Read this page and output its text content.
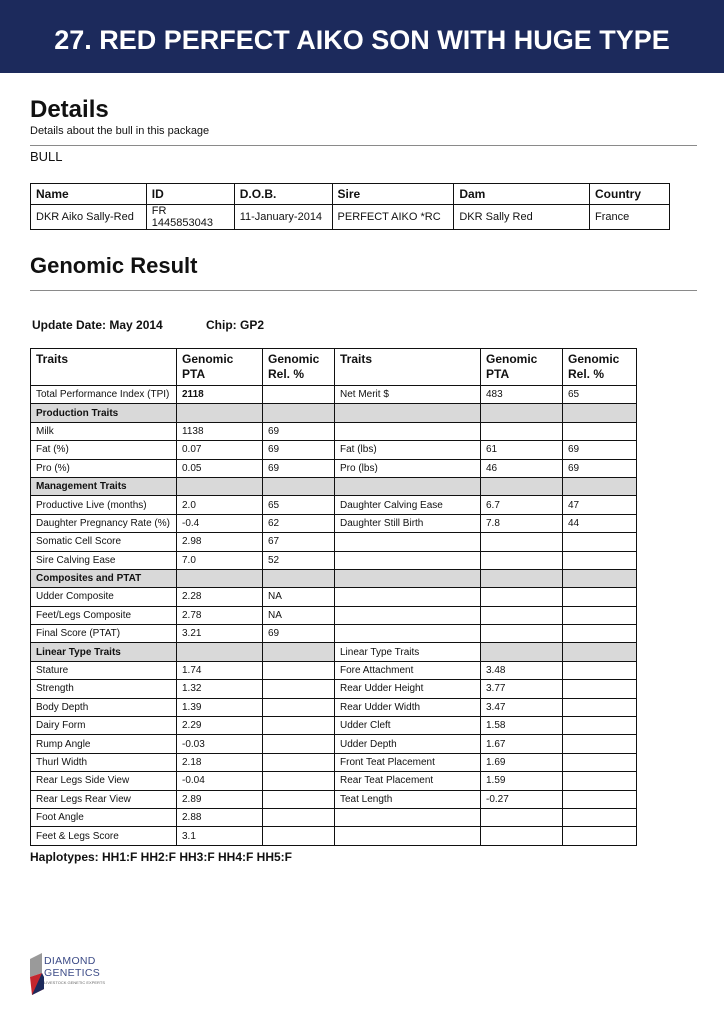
27. RED PERFECT AIKO SON WITH HUGE TYPE
Details
Details about the bull in this package
BULL
Name	ID	D.O.B.	Sire	Dam	Country
DKR Aiko Sally-Red	FR 1445853043	11-January-2014	PERFECT AIKO *RC	DKR Sally Red	France
Genomic Result
Update Date: May 2014	Chip: GP2
Traits	Genomic PTA	Genomic Rel. %	Traits	Genomic PTA	Genomic Rel. %
Total Performance Index (TPI)	2118		Net Merit $	483	65
Production Traits					
Milk	1138	69			
Fat (%)	0.07	69	Fat (lbs)	61	69
Pro (%)	0.05	69	Pro (lbs)	46	69
Management Traits					
Productive Live (months)	2.0	65	Daughter Calving Ease	6.7	47
Daughter Pregnancy Rate (%)	-0.4	62	Daughter Still Birth	7.8	44
Somatic Cell Score	2.98	67			
Sire Calving Ease	7.0	52			
Composites and PTAT					
Udder Composite	2.28	NA			
Feet/Legs Composite	2.78	NA			
Final Score (PTAT)	3.21	69			
Linear Type Traits			Linear Type Traits		
Stature	1.74		Fore Attachment	3.48	
Strength	1.32		Rear Udder Height	3.77	
Body Depth	1.39		Rear Udder Width	3.47	
Dairy Form	2.29		Udder Cleft	1.58	
Rump Angle	-0.03		Udder Depth	1.67	
Thurl Width	2.18		Front Teat Placement	1.69	
Rear Legs Side View	-0.04		Rear Teat Placement	1.59	
Rear Legs Rear View	2.89		Teat Length	-0.27	
Foot Angle	2.88				
Feet & Legs Score	3.1				
Haplotypes: HH1:F HH2:F HH3:F HH4:F HH5:F
DIAMOND
GENETICS
LIVESTOCK GENETIC EXPERTS
